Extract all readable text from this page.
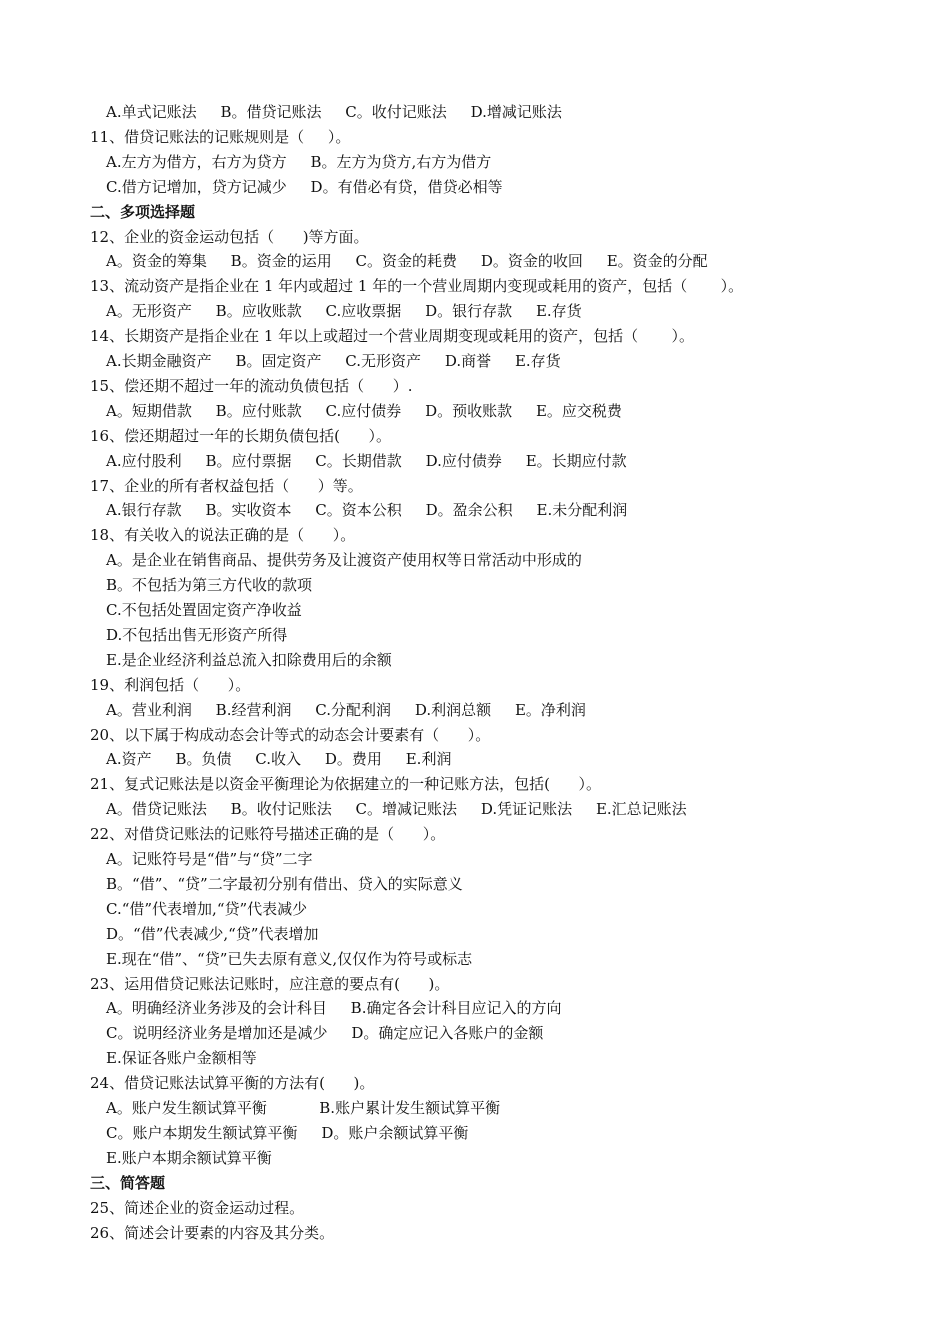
A.单式记账法     B。借贷记账法     C。收付记账法     D.增减记账法

11、借贷记账法的记账规则是（     ）。

A.左方为借方，右方为贷方     B。左方为贷方,右方为借方

C.借方记增加，贷方记减少     D。有借必有贷，借贷必相等

二、多项选择题

12、企业的资金运动包括（      )等方面。

A。资金的筹集     B。资金的运用     C。资金的耗费     D。资金的收回     E。资金的分配

13、流动资产是指企业在 1 年内或超过 1 年的一个营业周期内变现或耗用的资产，包括（       ）。

A。无形资产     B。应收账款     C.应收票据     D。银行存款     E.存货

14、长期资产是指企业在 1 年以上或超过一个营业周期变现或耗用的资产，包括（       ）。

A.长期金融资产     B。固定资产     C.无形资产     D.商誉     E.存货

15、偿还期不超过一年的流动负债包括（      ）.

A。短期借款     B。应付账款     C.应付债券     D。预收账款     E。应交税费

16、偿还期超过一年的长期负债包括(      ）。

A.应付股利     B。应付票据     C。长期借款     D.应付债券     E。长期应付款

17、企业的所有者权益包括（      ）等。

A.银行存款     B。实收资本     C。资本公积     D。盈余公积     E.未分配利润

18、有关收入的说法正确的是（      ）。

A。是企业在销售商品、提供劳务及让渡资产使用权等日常活动中形成的

B。不包括为第三方代收的款项

C.不包括处置固定资产净收益

D.不包括出售无形资产所得

E.是企业经济利益总流入扣除费用后的余额

19、利润包括（      ）。

A。营业利润     B.经营利润     C.分配利润     D.利润总额     E。净利润

20、以下属于构成动态会计等式的动态会计要素有（      ）。

A.资产     B。负债     C.收入     D。费用     E.利润

21、复式记账法是以资金平衡理论为依据建立的一种记账方法，包括(      ）。

A。借贷记账法     B。收付记账法     C。增减记账法     D.凭证记账法     E.汇总记账法

22、对借贷记账法的记账符号描述正确的是（      ）。

A。记账符号是“借”与“贷”二字

B。“借”、“贷”二字最初分别有借出、贷入的实际意义

C.“借”代表增加,“贷”代表减少

D。“借”代表减少,“贷”代表增加

E.现在“借”、“贷”已失去原有意义,仅仅作为符号或标志

23、运用借贷记账法记账时，应注意的要点有(      )。

A。明确经济业务涉及的会计科目     B.确定各会计科目应记入的方向

C。说明经济业务是增加还是减少     D。确定应记入各账户的金额

E.保证各账户金额相等

24、借贷记账法试算平衡的方法有(      )。

A。账户发生额试算平衡           B.账户累计发生额试算平衡

C。账户本期发生额试算平衡     D。账户余额试算平衡

E.账户本期余额试算平衡

三、简答题

25、简述企业的资金运动过程。

26、简述会计要素的内容及其分类。
